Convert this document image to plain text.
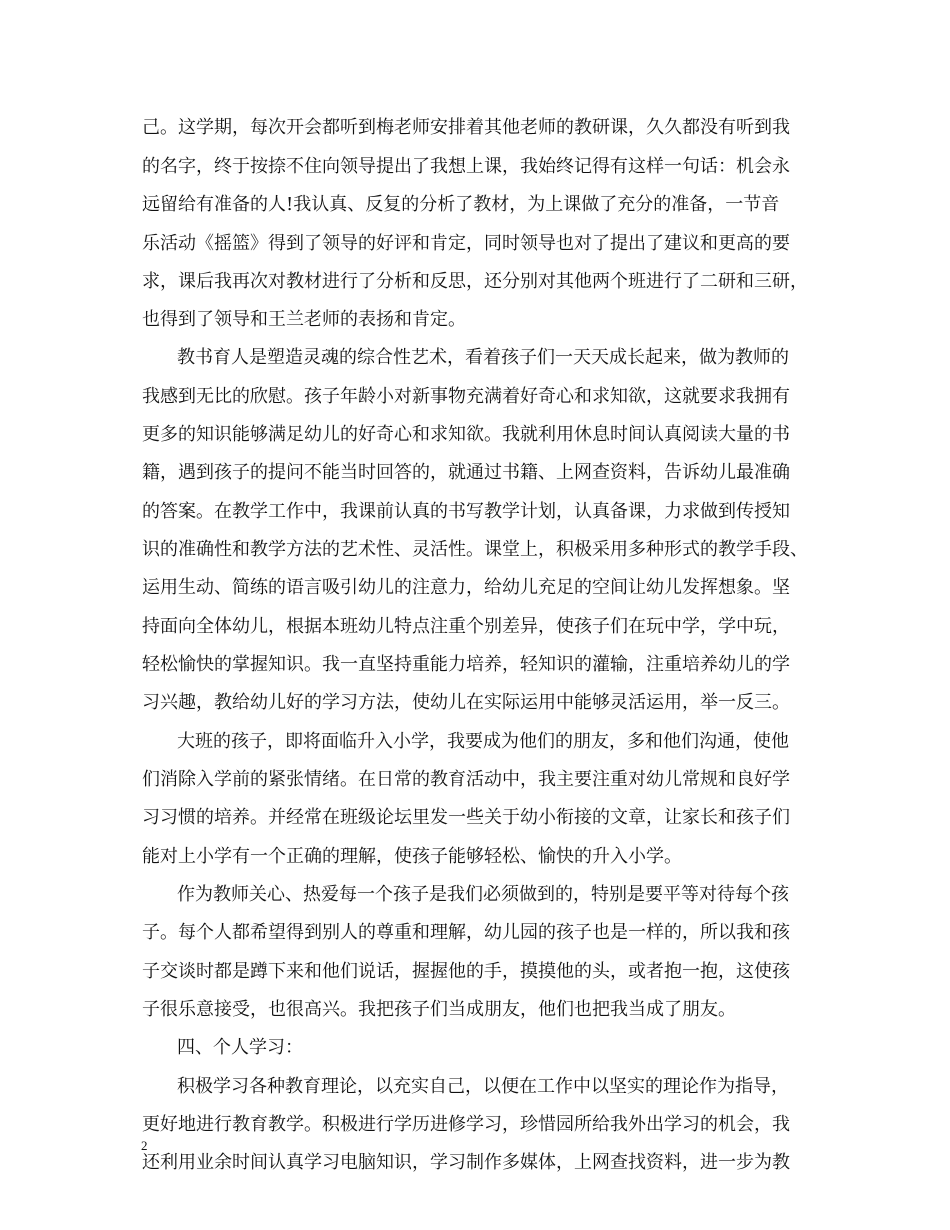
己。这学期，每次开会都听到梅老师安排着其他老师的教研课，久久都没有听到我
的名字，终于按捺不住向领导提出了我想上课，我始终记得有这样一句话：机会永
远留给有准备的人!我认真、反复的分析了教材，为上课做了充分的准备，一节音
乐活动《摇篮》得到了领导的好评和肯定，同时领导也对了提出了建议和更高的要
求，课后我再次对教材进行了分析和反思，还分别对其他两个班进行了二研和三研，
也得到了领导和王兰老师的表扬和肯定。
教书育人是塑造灵魂的综合性艺术，看着孩子们一天天成长起来，做为教师的
我感到无比的欣慰。孩子年龄小对新事物充满着好奇心和求知欲，这就要求我拥有
更多的知识能够满足幼儿的好奇心和求知欲。我就利用休息时间认真阅读大量的书
籍，遇到孩子的提问不能当时回答的，就通过书籍、上网查资料，告诉幼儿最准确
的答案。在教学工作中，我课前认真的书写教学计划，认真备课，力求做到传授知
识的准确性和教学方法的艺术性、灵活性。课堂上，积极采用多种形式的教学手段、
运用生动、简练的语言吸引幼儿的注意力，给幼儿充足的空间让幼儿发挥想象。坚
持面向全体幼儿，根据本班幼儿特点注重个别差异，使孩子们在玩中学，学中玩，
轻松愉快的掌握知识。我一直坚持重能力培养，轻知识的灌输，注重培养幼儿的学
习兴趣，教给幼儿好的学习方法，使幼儿在实际运用中能够灵活运用，举一反三。
大班的孩子，即将面临升入小学，我要成为他们的朋友，多和他们沟通，使他
们消除入学前的紧张情绪。在日常的教育活动中，我主要注重对幼儿常规和良好学
习习惯的培养。并经常在班级论坛里发一些关于幼小衔接的文章，让家长和孩子们
能对上小学有一个正确的理解，使孩子能够轻松、愉快的升入小学。
作为教师关心、热爱每一个孩子是我们必须做到的，特别是要平等对待每个孩
子。每个人都希望得到别人的尊重和理解，幼儿园的孩子也是一样的，所以我和孩
子交谈时都是蹲下来和他们说话，握握他的手，摸摸他的头，或者抱一抱，这使孩
子很乐意接受，也很高兴。我把孩子们当成朋友，他们也把我当成了朋友。
四、个人学习：
积极学习各种教育理论，以充实自己，以便在工作中以坚实的理论作为指导，
更好地进行教育教学。积极进行学历进修学习，珍惜园所给我外出学习的机会，我
还利用业余时间认真学习电脑知识，学习制作多媒体，上网查找资料，进一步为教
2
